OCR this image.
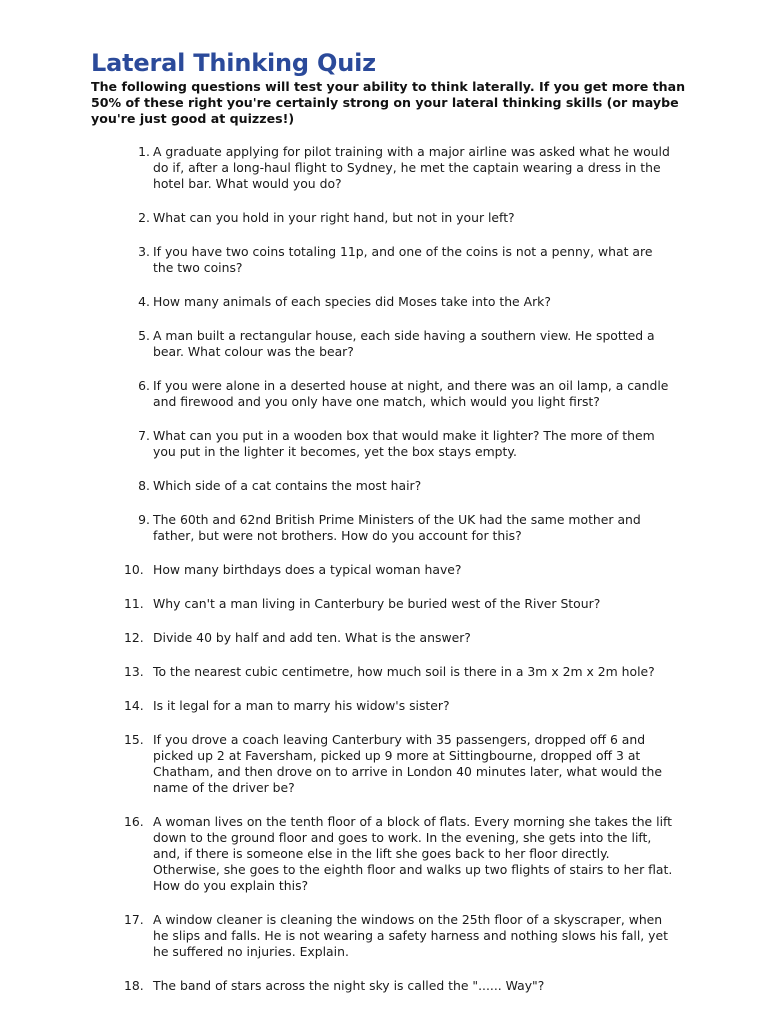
Lateral Thinking Quiz

The following questions will test your ability to think laterally. If you get more than 50% of these right you're certainly strong on your lateral thinking skills (or maybe you're just good at quizzes!)

1. A graduate applying for pilot training with a major airline was asked what he would do if, after a long-haul flight to Sydney, he met the captain wearing a dress in the hotel bar. What would you do?
2. What can you hold in your right hand, but not in your left?
3. If you have two coins totaling 11p, and one of the coins is not a penny, what are the two coins?
4. How many animals of each species did Moses take into the Ark?
5. A man built a rectangular house, each side having a southern view. He spotted a bear. What colour was the bear?
6. If you were alone in a deserted house at night, and there was an oil lamp, a candle and firewood and you only have one match, which would you light first?
7. What can you put in a wooden box that would make it lighter? The more of them you put in the lighter it becomes, yet the box stays empty.
8. Which side of a cat contains the most hair?
9. The 60th and 62nd British Prime Ministers of the UK had the same mother and father, but were not brothers. How do you account for this?
10. How many birthdays does a typical woman have?
11. Why can't a man living in Canterbury be buried west of the River Stour?
12. Divide 40 by half and add ten. What is the answer?
13. To the nearest cubic centimetre, how much soil is there in a 3m x 2m x 2m hole?
14. Is it legal for a man to marry his widow's sister?
15. If you drove a coach leaving Canterbury with 35 passengers, dropped off 6 and picked up 2 at Faversham, picked up 9 more at Sittingbourne, dropped off 3 at Chatham, and then drove on to arrive in London 40 minutes later, what would the name of the driver be?
16. A woman lives on the tenth floor of a block of flats. Every morning she takes the lift down to the ground floor and goes to work. In the evening, she gets into the lift, and, if there is someone else in the lift she goes back to her floor directly. Otherwise, she goes to the eighth floor and walks up two flights of stairs to her flat. How do you explain this?
17. A window cleaner is cleaning the windows on the 25th floor of a skyscraper, when he slips and falls. He is not wearing a safety harness and nothing slows his fall, yet he suffered no injuries. Explain.
18. The band of stars across the night sky is called the "...... Way"?
